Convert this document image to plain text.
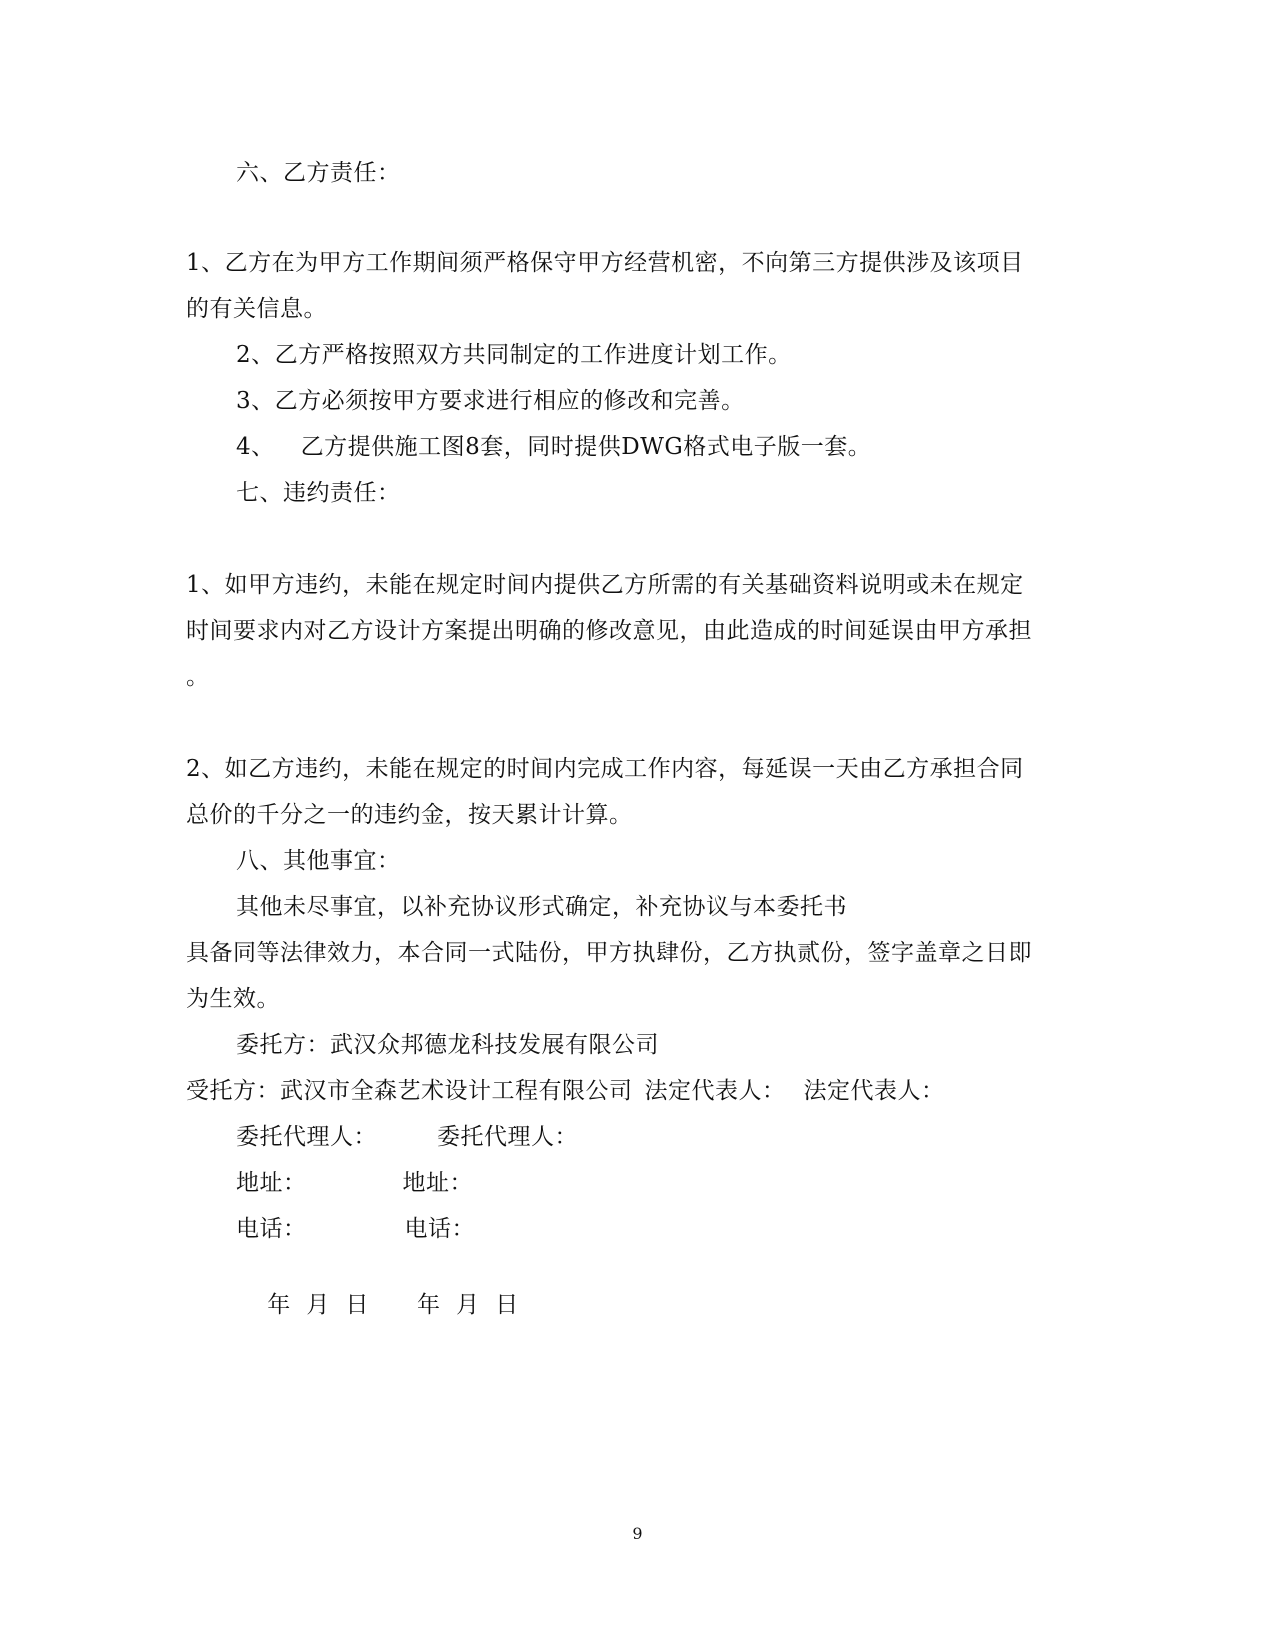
六、乙方责任：
1、乙方在为甲方工作期间须严格保守甲方经营机密，不向第三方提供涉及该项目
的有关信息。
2、乙方严格按照双方共同制定的工作进度计划工作。
3、乙方必须按甲方要求进行相应的修改和完善。
4、 乙方提供施工图8套，同时提供DWG格式电子版一套。
七、违约责任：
1、如甲方违约，未能在规定时间内提供乙方所需的有关基础资料说明或未在规定
时间要求内对乙方设计方案提出明确的修改意见，由此造成的时间延误由甲方承担
。
2、如乙方违约，未能在规定的时间内完成工作内容，每延误一天由乙方承担合同
总价的千分之一的违约金，按天累计计算。
八、其他事宜：
其他未尽事宜，以补充协议形式确定，补充协议与本委托书
具备同等法律效力，本合同一式陆份，甲方执肆份，乙方执贰份，签字盖章之日即
为生效。
委托方：武汉众邦德龙科技发展有限公司
受托方：武汉市全森艺术设计工程有限公司 法定代表人： 法定代表人：
委托代理人：	委托代理人：
地址：	地址：
电话：	电话：

年  月  日 年  月  日

9
